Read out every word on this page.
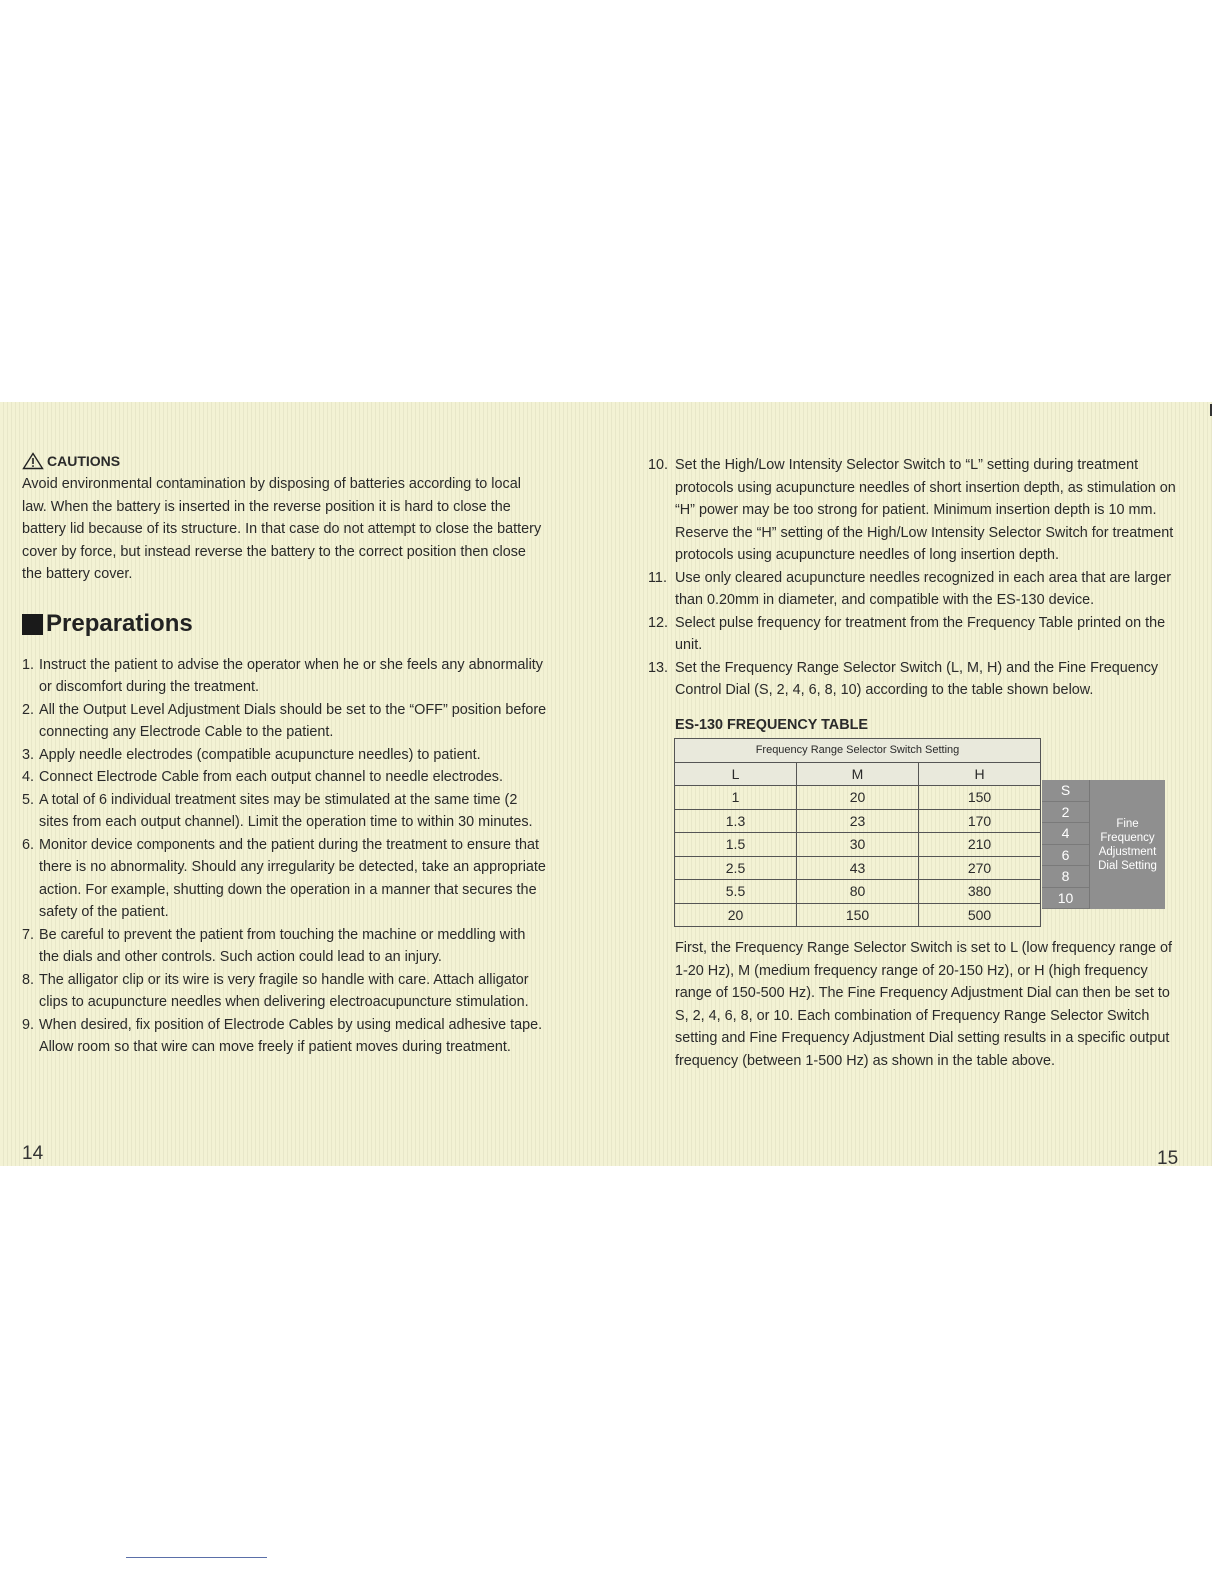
CAUTIONS
Avoid environmental contamination by disposing of batteries according to local law. When the battery is inserted in the reverse position it is hard to close the battery lid because of its structure. In that case do not attempt to close the battery cover by force, but instead reverse the battery to the correct position then close the battery cover.
Preparations
1. Instruct the patient to advise the operator when he or she feels any abnormality or discomfort during the treatment.
2. All the Output Level Adjustment Dials should be set to the “OFF” position before connecting any Electrode Cable to the patient.
3. Apply needle electrodes (compatible acupuncture needles) to patient.
4. Connect Electrode Cable from each output channel to needle electrodes.
5. A total of 6 individual treatment sites may be stimulated at the same time (2 sites from each output channel). Limit the operation time to within 30 minutes.
6. Monitor device components and the patient during the treatment to ensure that there is no abnormality. Should any irregularity be detected, take an appropriate action. For example, shutting down the operation in a manner that secures the safety of the patient.
7. Be careful to prevent the patient from touching the machine or meddling with the dials and other controls. Such action could lead to an injury.
8. The alligator clip or its wire is very fragile so handle with care. Attach alligator clips to acupuncture needles when delivering electroacupuncture stimulation.
9. When desired, fix position of Electrode Cables by using medical adhesive tape. Allow room so that wire can move freely if patient moves during treatment.
14
10. Set the High/Low Intensity Selector Switch to “L” setting during treatment protocols using acupuncture needles of short insertion depth, as stimulation on “H” power may be too strong for patient. Minimum insertion depth is 10 mm. Reserve the “H” setting of the High/Low Intensity Selector Switch for treatment protocols using acupuncture needles of long insertion depth.
11. Use only cleared acupuncture needles recognized in each area that are larger than 0.20mm in diameter, and compatible with the ES-130 device.
12. Select pulse frequency for treatment from the Frequency Table printed on the unit.
13. Set the Frequency Range Selector Switch (L, M, H) and the Fine Frequency Control Dial (S, 2, 4, 6, 8, 10) according to the table shown below.
ES-130 FREQUENCY TABLE
Frequency Range Selector Switch Setting		
L	M	H
1	20	150
1.3	23	170
1.5	30	210
2.5	43	270
5.5	80	380
20	150	500
S
2
4
6
8
10
Fine Frequency Adjustment Dial Setting
First, the Frequency Range Selector Switch is set to L (low frequency range of 1-20 Hz), M (medium frequency range of 20-150 Hz), or H (high frequency range of 150-500 Hz). The Fine Frequency Adjustment Dial can then be set to S, 2, 4, 6, 8, or 10. Each combination of Frequency Range Selector Switch setting and Fine Frequency Adjustment Dial setting results in a specific output frequency (between 1-500 Hz) as shown in the table above.
15
